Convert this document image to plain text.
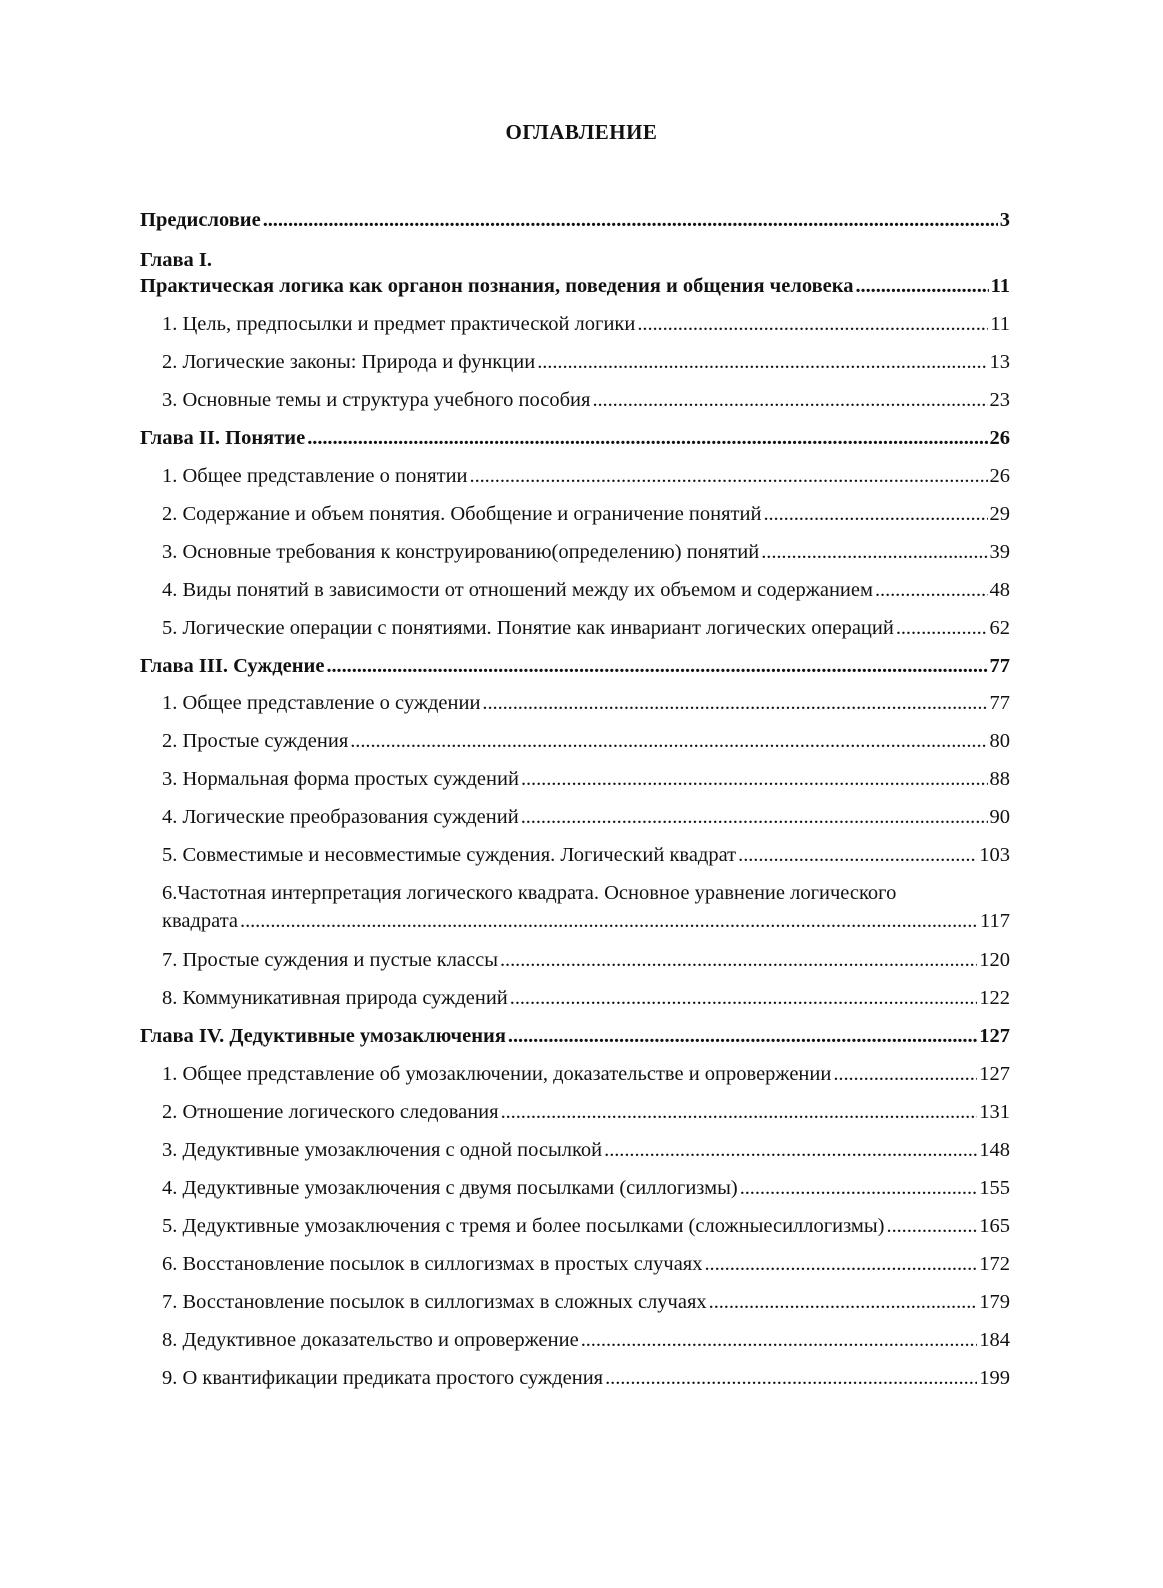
ОГЛАВЛЕНИЕ
Предисловие . . .	3
Глава I.
Практическая логика как органон познания, поведения и общения человека . . .	11
1. Цель, предпосылки и предмет практической логики . . .	11
2. Логические законы: Природа и функции . . .	13
3. Основные темы и структура учебного пособия . . .	23
Глава II. Понятие . . .	26
1. Общее представление о понятии . . .	26
2. Содержание и объем понятия. Обобщение и ограничение понятий . . .	29
3. Основные требования к конструированию(определению) понятий . . .	39
4. Виды понятий в зависимости от отношений между их объемом и содержанием . . .	48
5. Логические операции с понятиями. Понятие как инвариант логических операций . . .	62
Глава III. Суждение . . .	77
1. Общее представление о суждении . . .	77
2. Простые суждения . . .	80
3. Нормальная форма простых суждений . . .	88
4. Логические преобразования суждений . . .	90
5. Совместимые и несовместимые суждения. Логический квадрат . . .	103
6.Частотная интерпретация логического квадрата. Основное уравнение логического
квадрата . . .	117
7. Простые суждения и пустые классы . . .	120
8. Коммуникативная природа суждений . . .	122
Глава IV. Дедуктивные умозаключения . . .	127
1. Общее представление об умозаключении, доказательстве и опровержении . . .	127
2. Отношение логического следования . . .	131
3. Дедуктивные умозаключения с одной посылкой . . .	148
4. Дедуктивные умозаключения с двумя посылками (силлогизмы) . . .	155
5. Дедуктивные умозаключения с тремя и более посылками (сложныесиллогизмы) . . .	165
6. Восстановление посылок в силлогизмах в простых случаях . . .	172
7. Восстановление посылок в силлогизмах в сложных случаях . . .	179
8. Дедуктивное доказательство и опровержение . . .	184
9. О квантификации предиката простого суждения . . .	199
